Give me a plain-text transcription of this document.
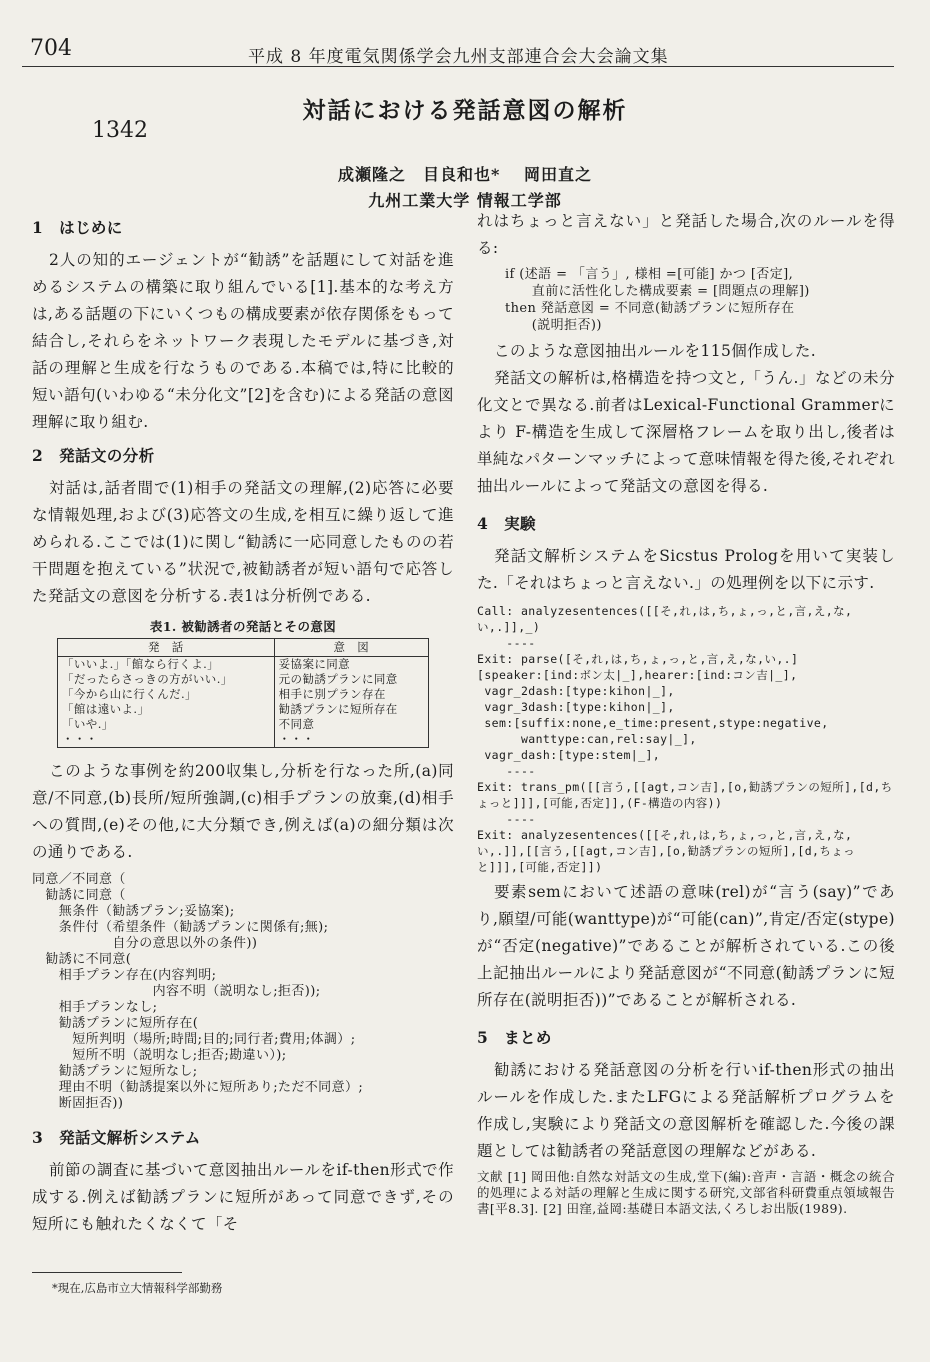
704	平成 8 年度電気関係学会九州支部連合会大会論文集
対話における発話意図の解析
1342
成瀬隆之　目良和也* 　岡田直之
九州工業大学 情報工学部
1　はじめに

2人の知的エージェントが“勧誘”を話題にして対話を進めるシステムの構築に取り組んでいる[1].基本的な考え方は,ある話題の下にいくつもの構成要素が依存関係をもって結合し,それらをネットワーク表現したモデルに基づき,対話の理解と生成を行なうものである.本稿では,特に比較的短い語句(いわゆる“未分化文”[2]を含む)による発話の意図理解に取り組む.

2　発話文の分析

対話は,話者間で(1)相手の発話文の理解,(2)応答に必要な情報処理,および(3)応答文の生成,を相互に繰り返して進められる.ここでは(1)に関し“勧誘に一応同意したものの若干問題を抱えている”状況で,被勧誘者が短い語句で応答した発話文の意図を分析する.表1は分析例である.

表1. 被勧誘者の発話とその意図
発　話	意　図
「いいよ.」「館なら行くよ.」	妥協案に同意
「だったらさっきの方がいい.」	元の勧誘プランに同意
「今から山に行くんだ.」	相手に別プラン存在
「館は遠いよ.」	勧誘プランに短所存在
「いや.」	不同意
・・・	・・・

このような事例を約200収集し,分析を行なった所,(a)同意/不同意,(b)長所/短所強調,(c)相手プランの放棄,(d)相手への質問,(e)その他,に大分類でき,例えば(a)の細分類は次の通りである.

同意／不同意（
　勧誘に同意（
　　無条件（勧誘プラン;妥協案);
　　条件付（希望条件（勧誘プランに関係有;無);
　　　　　　自分の意思以外の条件))
　勧誘に不同意(
　　相手プラン存在(内容判明;
　　　　　　　　　内容不明（説明なし;拒否));
　　相手プランなし;
　　勧誘プランに短所存在(
　　　短所判明（場所;時間;目的;同行者;費用;体調）;
　　　短所不明（説明なし;拒否;勘違い）);
　　勧誘プランに短所なし;
　　理由不明（勧誘提案以外に短所あり;ただ不同意）;
　　断固拒否))
3　発話文解析システム

前節の調査に基づいて意図抽出ルールをif-then形式で作成する.例えば勧誘プランに短所があって同意できず,その短所にも触れたくなくて「そ

*現在,広島市立大情報科学部勤務

れはちょっと言えない」と発話した場合,次のルールを得る:

if (述語 = 「言う」, 様相 =[可能] かつ [否定],
　　直前に活性化した構成要素 = [問題点の理解])
then 発話意図 = 不同意(勧誘プランに短所存在
　　(説明拒否))

このような意図抽出ルールを115個作成した.

発話文の解析は,格構造を持つ文と,「うん.」などの未分化文とで異なる.前者はLexical-Functional Grammerにより F-構造を生成して深層格フレームを取り出し,後者は単純なパターンマッチによって意味情報を得た後,それぞれ抽出ルールによって発話文の意図を得る.

4　実験

発話文解析システムをSicstus Prologを用いて実装した.「それはちょっと言えない.」の処理例を以下に示す.

Call: analyzesentences([[そ,れ,は,ち,ょ,っ,と,言,え,な,い,.]],_)
----
Exit: parse([そ,れ,は,ち,ょ,っ,と,言,え,な,い,.]
[speaker:[ind:ボン太|_],hearer:[ind:コン吉|_],
vagr_2dash:[type:kihon|_],
vagr_3dash:[type:kihon|_],
sem:[suffix:none,e_time:present,stype:negative,
wanttype:can,rel:say|_],
vagr_dash:[type:stem|_],
----
Exit: trans_pm([[言う,[[agt,コン吉],[o,勧誘プランの短所],[d,ちょっと]]],[可能,否定]],(F-構造の内容))
----
Exit: analyzesentences([[そ,れ,は,ち,ょ,っ,と,言,え,な,い,.]],[[言う,[[agt,コン吉],[o,勧誘プランの短所],[d,ちょっと]]],[可能,否定]])

要素semにおいて述語の意味(rel)が“言う(say)”であり,願望/可能(wanttype)が“可能(can)”,肯定/否定(stype)が“否定(negative)”であることが解析されている.この後上記抽出ルールにより発話意図が“不同意(勧誘プランに短所存在(説明拒否))”であることが解析される.

5　まとめ

勧誘における発話意図の分析を行いif-then形式の抽出ルールを作成した.またLFGによる発話解析プログラムを作成し,実験により発話文の意図解析を確認した.今後の課題としては勧誘者の発話意図の理解などがある.

文献 [1] 岡田他:自然な対話文の生成,堂下(編):音声・言語・概念の統合的処理による対話の理解と生成に関する研究,文部省科研費重点領域報告書[平8.3]. [2] 田窪,益岡:基礎日本語文法,くろしお出版(1989).
